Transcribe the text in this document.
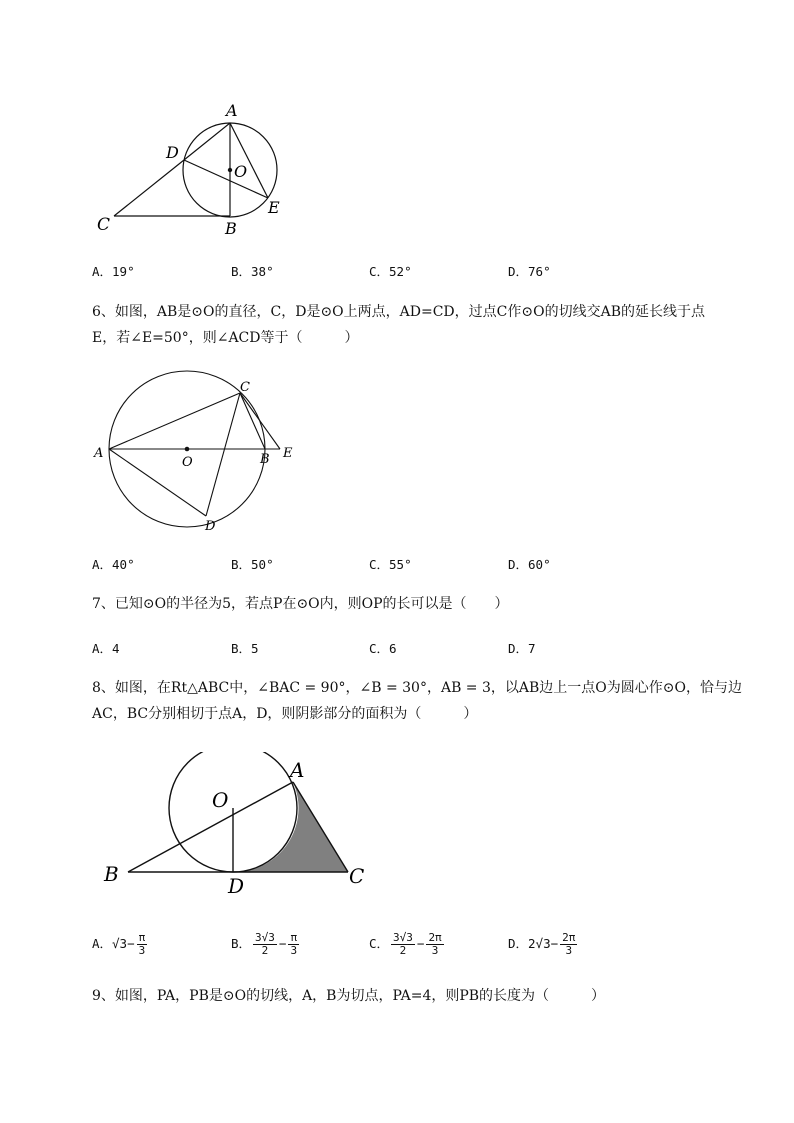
A
D
O
C	B
E
A．19°	B．38°	C．52°	D．76°
6、如图，AB是⊙O的直径，C，D是⊙O上两点，AD=CD，过点C作⊙O的切线交AB的延长线于点
E，若∠E=50°，则∠ACD等于（　　　）
A
O	B E
C
D
A．40°	B．50°	C．55°	D．60°
7、已知⊙O的半径为5，若点P在⊙O内，则OP的长可以是（　　）
A．4	B．5	C．6	D．7
8、如图，在Rt△ABC中，∠BAC = 90°，∠B = 30°，AB = 3，以AB边上一点O为圆心作⊙O，恰与边
AC，BC分别相切于点A，D，则阴影部分的面积为（　　　）
A
O
B	D	C
A．$√3- \frac{\pi}{3}$	B． $\frac{3√3}{2} - \frac{\pi}{3}$	C． $\frac{3√3}{2} - \frac{2\pi}{3}$	D．$2√3- \frac{2\pi}{3}$
9、如图，PA，PB是⊙O的切线，A，B为切点，PA=4，则PB的长度为（　　　）
